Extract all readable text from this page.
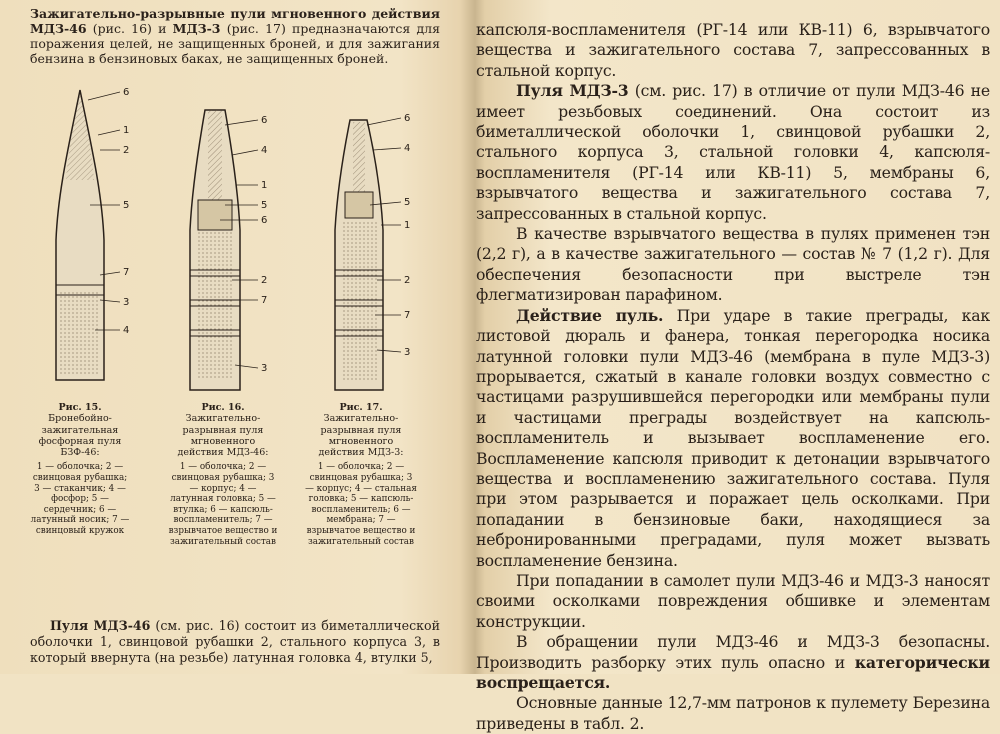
Зажигательно-разрывные пули мгновенного действия МДЗ-46 (рис. 16) и МДЗ-3 (рис. 17) предназначаются для поражения целей, не защищенных броней, и для зажигания бензина в бензиновых баках, не защищенных броней.
6
1
2
5
7
3
4
6
4
1
5
6
2
7
3
6
4
5
1
2
7
3
Рис. 15.
Бронебойно-зажигательная фосфорная пуля БЗФ-46:
1 — оболочка; 2 — свинцовая рубашка; 3 — стаканчик; 4 — фосфор; 5 — сердечник; 6 — латунный носик; 7 — свинцовый кружок
Рис. 16.
Зажигательно-разрывная пуля мгновенного действия МДЗ-46:
1 — оболочка; 2 — свинцовая рубашка; 3 — корпус; 4 — латунная головка; 5 — втулка; 6 — капсюль-воспламенитель; 7 — взрывчатое вещество и зажигательный состав
Рис. 17.
Зажигательно-разрывная пуля мгновенного действия МДЗ-3:
1 — оболочка; 2 — свинцовая рубашка; 3 — корпус; 4 — стальная головка; 5 — капсюль-воспламенитель; 6 — мембрана; 7 — взрывчатое вещество и зажигательный состав
Пуля МДЗ-46 (см. рис. 16) состоит из биметаллической оболочки 1, свинцовой рубашки 2, стального корпуса 3, в который ввернута (на резьбе) латунная головка 4, втулки 5,

капсюля-воспламенителя (РГ-14 или КВ-11) 6, взрывчатого вещества и зажигательного состава 7, запрессованных в стальной корпус.

Пуля МДЗ-3 (см. рис. 17) в отличие от пули МДЗ-46 не имеет резьбовых соединений. Она состоит из биметаллической оболочки 1, свинцовой рубашки 2, стального корпуса 3, стальной головки 4, капсюля-воспламенителя (РГ-14 или КВ-11) 5, мембраны 6, взрывчатого вещества и зажигательного состава 7, запрессованных в стальной корпус.

В качестве взрывчатого вещества в пулях применен тэн (2,2 г), а в качестве зажигательного — состав № 7 (1,2 г). Для обеспечения безопасности при выстреле тэн флегматизирован парафином.

Действие пуль. При ударе в такие преграды, как листовой дюраль и фанера, тонкая перегородка носика латунной головки пули МДЗ-46 (мембрана в пуле МДЗ-3) прорывается, сжатый в канале головки воздух совместно с частицами разрушившейся перегородки или мембраны пули и частицами преграды воздействует на капсюль-воспламенитель и вызывает воспламенение его. Воспламенение капсюля приводит к детонации взрывчатого вещества и воспламенению зажигательного состава. Пуля при этом разрывается и поражает цель осколками. При попадании в бензиновые баки, находящиеся за небронированными преградами, пуля может вызвать воспламенение бензина.

При попадании в самолет пули МДЗ-46 и МДЗ-3 наносят своими осколками повреждения обшивке и элементам конструкции.

В обращении пули МДЗ-46 и МДЗ-3 безопасны. Производить разборку этих пуль опасно и категорически воспрещается.

Основные данные 12,7-мм патронов к пулемету Березина приведены в табл. 2.
